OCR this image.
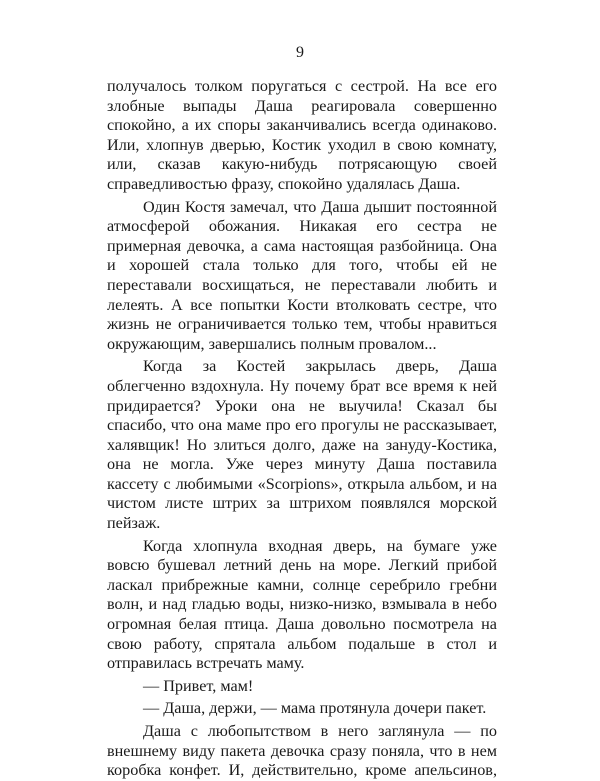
9

получалось толком поругаться с сестрой. На все его злобные выпады Даша реагировала совершенно спокойно, а их споры заканчивались всегда одинаково. Или, хлопнув дверью, Костик уходил в свою комнату, или, сказав какую-нибудь потрясающую своей справедливостью фразу, спокойно удалялась Даша.

Один Костя замечал, что Даша дышит постоянной атмосферой обожания. Никакая его сестра не примерная девочка, а сама настоящая разбойница. Она и хорошей стала только для того, чтобы ей не переставали восхищаться, не переставали любить и лелеять. А все попытки Кости втолковать сестре, что жизнь не ограничивается только тем, чтобы нравиться окружающим, завершались полным провалом...

Когда за Костей закрылась дверь, Даша облегченно вздохнула. Ну почему брат все время к ней придирается? Уроки она не выучила! Сказал бы спасибо, что она маме про его прогулы не рассказывает, халявщик! Но злиться долго, даже на зануду-Костика, она не могла. Уже через минуту Даша поставила кассету с любимыми «Scorpions», открыла альбом, и на чистом листе штрих за штрихом появлялся морской пейзаж.

Когда хлопнула входная дверь, на бумаге уже вовсю бушевал летний день на море. Легкий прибой ласкал прибрежные камни, солнце серебрило гребни волн, и над гладью воды, низко-низко, взмывала в небо огромная белая птица. Даша довольно посмотрела на свою работу, спрятала альбом подальше в стол и отправилась встречать маму.

— Привет, мам!

— Даша, держи, — мама протянула дочери пакет.

Даша с любопытством в него заглянула — по внешнему виду пакета девочка сразу поняла, что в нем коробка конфет. И, действительно, кроме апельсинов,
